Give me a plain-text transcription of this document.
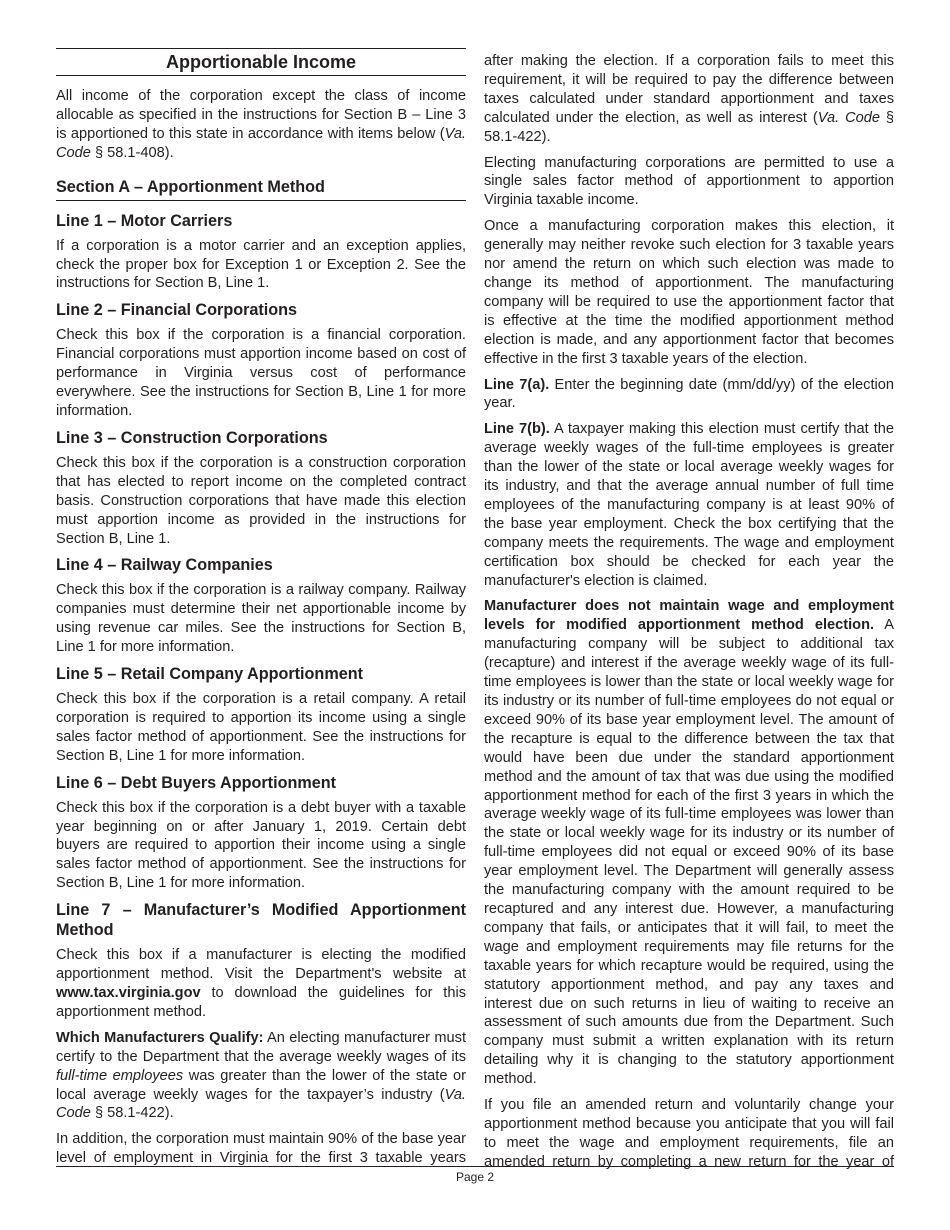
Apportionable Income

All income of the corporation except the class of income allocable as specified in the instructions for Section B – Line 3 is apportioned to this state in accordance with items below (Va. Code § 58.1-408).

Section A – Apportionment Method
Line 1 – Motor Carriers

If a corporation is a motor carrier and an exception applies, check the proper box for Exception 1 or Exception 2. See the instructions for Section B, Line 1.

Line 2 – Financial Corporations

Check this box if the corporation is a financial corporation. Financial corporations must apportion income based on cost of performance in Virginia versus cost of performance everywhere. See the instructions for Section B, Line 1 for more information.

Line 3 – Construction Corporations

Check this box if the corporation is a construction corporation that has elected to report income on the completed contract basis. Construction corporations that have made this election must apportion income as provided in the instructions for Section B, Line 1.

Line 4 – Railway Companies

Check this box if the corporation is a railway company. Railway companies must determine their net apportionable income by using revenue car miles. See the instructions for Section B, Line 1 for more information.

Line 5 – Retail Company Apportionment

Check this box if the corporation is a retail company. A retail corporation is required to apportion its income using a single sales factor method of apportionment. See the instructions for Section B, Line 1 for more information.

Line 6 – Debt Buyers Apportionment

Check this box if the corporation is a debt buyer with a taxable year beginning on or after January 1, 2019. Certain debt buyers are required to apportion their income using a single sales factor method of apportionment. See the instructions for Section B, Line 1 for more information.

Line 7 – Manufacturer’s Modified Apportionment Method

Check this box if a manufacturer is electing the modified apportionment method. Visit the Department's website at www.tax.virginia.gov to download the guidelines for this apportionment method.

Which Manufacturers Qualify: An electing manufacturer must certify to the Department that the average weekly wages of its full-time employees was greater than the lower of the state or local average weekly wages for the taxpayer’s industry (Va. Code § 58.1-422).

In addition, the corporation must maintain 90% of the base year level of employment in Virginia for the first 3 taxable years

after making the election. If a corporation fails to meet this requirement, it will be required to pay the difference between taxes calculated under standard apportionment and taxes calculated under the election, as well as interest (Va. Code § 58.1-422).

Electing manufacturing corporations are permitted to use a single sales factor method of apportionment to apportion Virginia taxable income.

Once a manufacturing corporation makes this election, it generally may neither revoke such election for 3 taxable years nor amend the return on which such election was made to change its method of apportionment. The manufacturing company will be required to use the apportionment factor that is effective at the time the modified apportionment method election is made, and any apportionment factor that becomes effective in the first 3 taxable years of the election.

Line 7(a). Enter the beginning date (mm/dd/yy) of the election year.

Line 7(b). A taxpayer making this election must certify that the average weekly wages of the full-time employees is greater than the lower of the state or local average weekly wages for its industry, and that the average annual number of full time employees of the manufacturing company is at least 90% of the base year employment. Check the box certifying that the company meets the requirements. The wage and employment certification box should be checked for each year the manufacturer's election is claimed.

Manufacturer does not maintain wage and employment levels for modified apportionment method election. A manufacturing company will be subject to additional tax (recapture) and interest if the average weekly wage of its full-time employees is lower than the state or local weekly wage for its industry or its number of full-time employees do not equal or exceed 90% of its base year employment level. The amount of the recapture is equal to the difference between the tax that would have been due under the standard apportionment method and the amount of tax that was due using the modified apportionment method for each of the first 3 years in which the average weekly wage of its full-time employees was lower than the state or local weekly wage for its industry or its number of full-time employees did not equal or exceed 90% of its base year employment level. The Department will generally assess the manufacturing company with the amount required to be recaptured and any interest due. However, a manufacturing company that fails, or anticipates that it will fail, to meet the wage and employment requirements may file returns for the taxable years for which recapture would be required, using the statutory apportionment method, and pay any taxes and interest due on such returns in lieu of waiting to receive an assessment of such amounts due from the Department. Such company must submit a written explanation with its return detailing why it is changing to the statutory apportionment method.

If you file an amended return and voluntarily change your apportionment method because you anticipate that you will fail to meet the wage and employment requirements, file an amended return by completing a new return for the year of

Page 2
